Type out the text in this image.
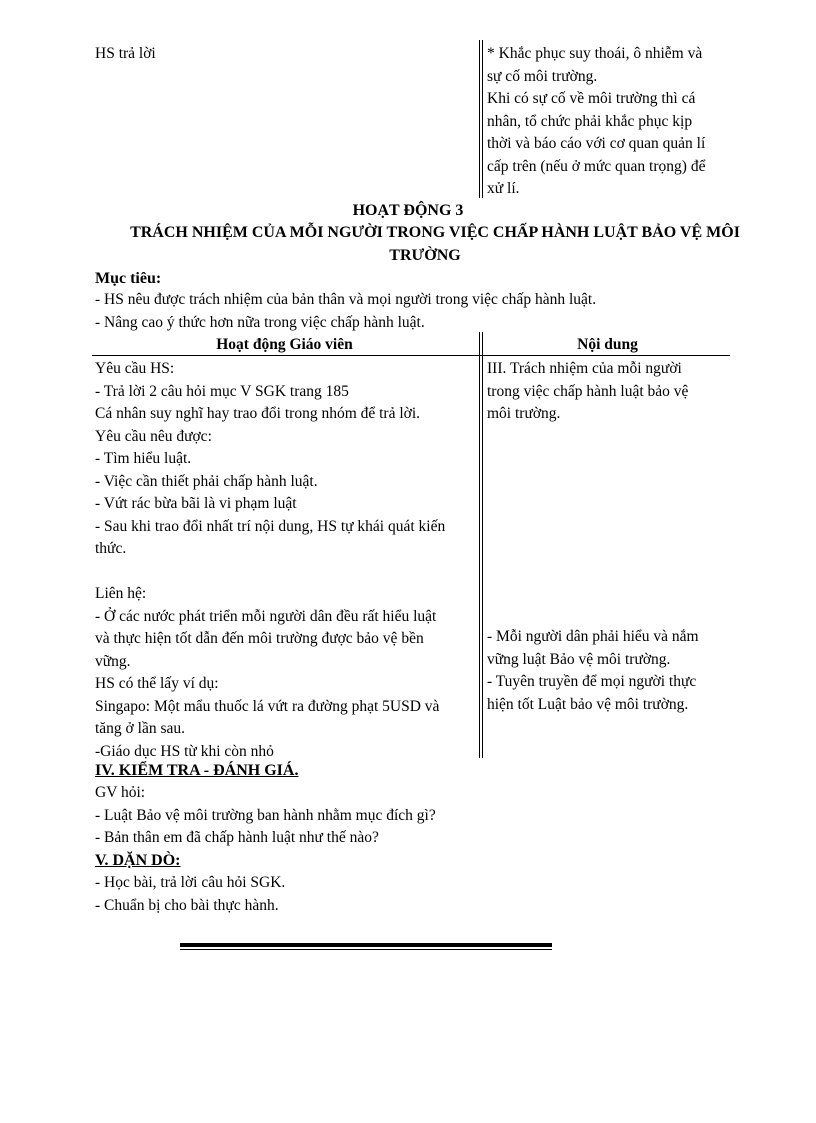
HS trả lời	* Khắc phục suy thoái, ô nhiễm và
sự cố môi trường.
Khi có sự cố về môi trường thì cá
nhân, tổ chức phải khắc phục kịp
thời và báo cáo với cơ quan quản lí
cấp trên (nếu ở mức quan trọng) để
xử lí.
HOẠT ĐỘNG 3
TRÁCH NHIỆM CỦA MỖI NGƯỜI TRONG VIỆC CHẤP HÀNH LUẬT BẢO VỆ MÔI
TRƯỜNG
Mục tiêu:
- HS nêu được trách nhiệm của bản thân và mọi người trong việc chấp hành luật.
- Nâng cao ý thức hơn nữa trong việc chấp hành luật.
Hoạt động Giáo viên	Nội dung
Yêu cầu HS:
- Trả lời 2 câu hỏi mục V SGK trang 185
Cá nhân suy nghĩ hay trao đổi trong nhóm để trả lời.
Yêu cầu nêu được:
- Tìm hiểu luật.
- Việc cần thiết phải chấp hành luật.
- Vứt rác bừa bãi là vi phạm luật
- Sau khi trao đổi nhất trí nội dung, HS tự khái quát kiến
thức.
Liên hệ:
- Ở các nước phát triển mỗi người dân đều rất hiểu luật
và thực hiện tốt dẫn đến môi trường được bảo vệ bền
vững.
HS có thể lấy ví dụ:
Singapo: Một mẩu thuốc lá vứt ra đường phạt 5USD và
tăng ở lần sau.
-Giáo dục HS từ khi còn nhỏ
III. Trách nhiệm của mỗi người
trong việc chấp hành luật bảo vệ
môi trường.
- Mỗi người dân phải hiểu và nắm
vững luật Bảo vệ môi trường.
- Tuyên truyền để mọi người thực
hiện tốt Luật bảo vệ môi trường.
IV. KIỂM TRA - ĐÁNH GIÁ.
GV hỏi:
- Luật Bảo vệ môi trường ban hành nhằm mục đích gì?
- Bản thân em đã chấp hành luật như thế nào?
V. DẶN DÒ:
- Học bài, trả lời câu hỏi SGK.
- Chuẩn bị cho bài thực hành.
